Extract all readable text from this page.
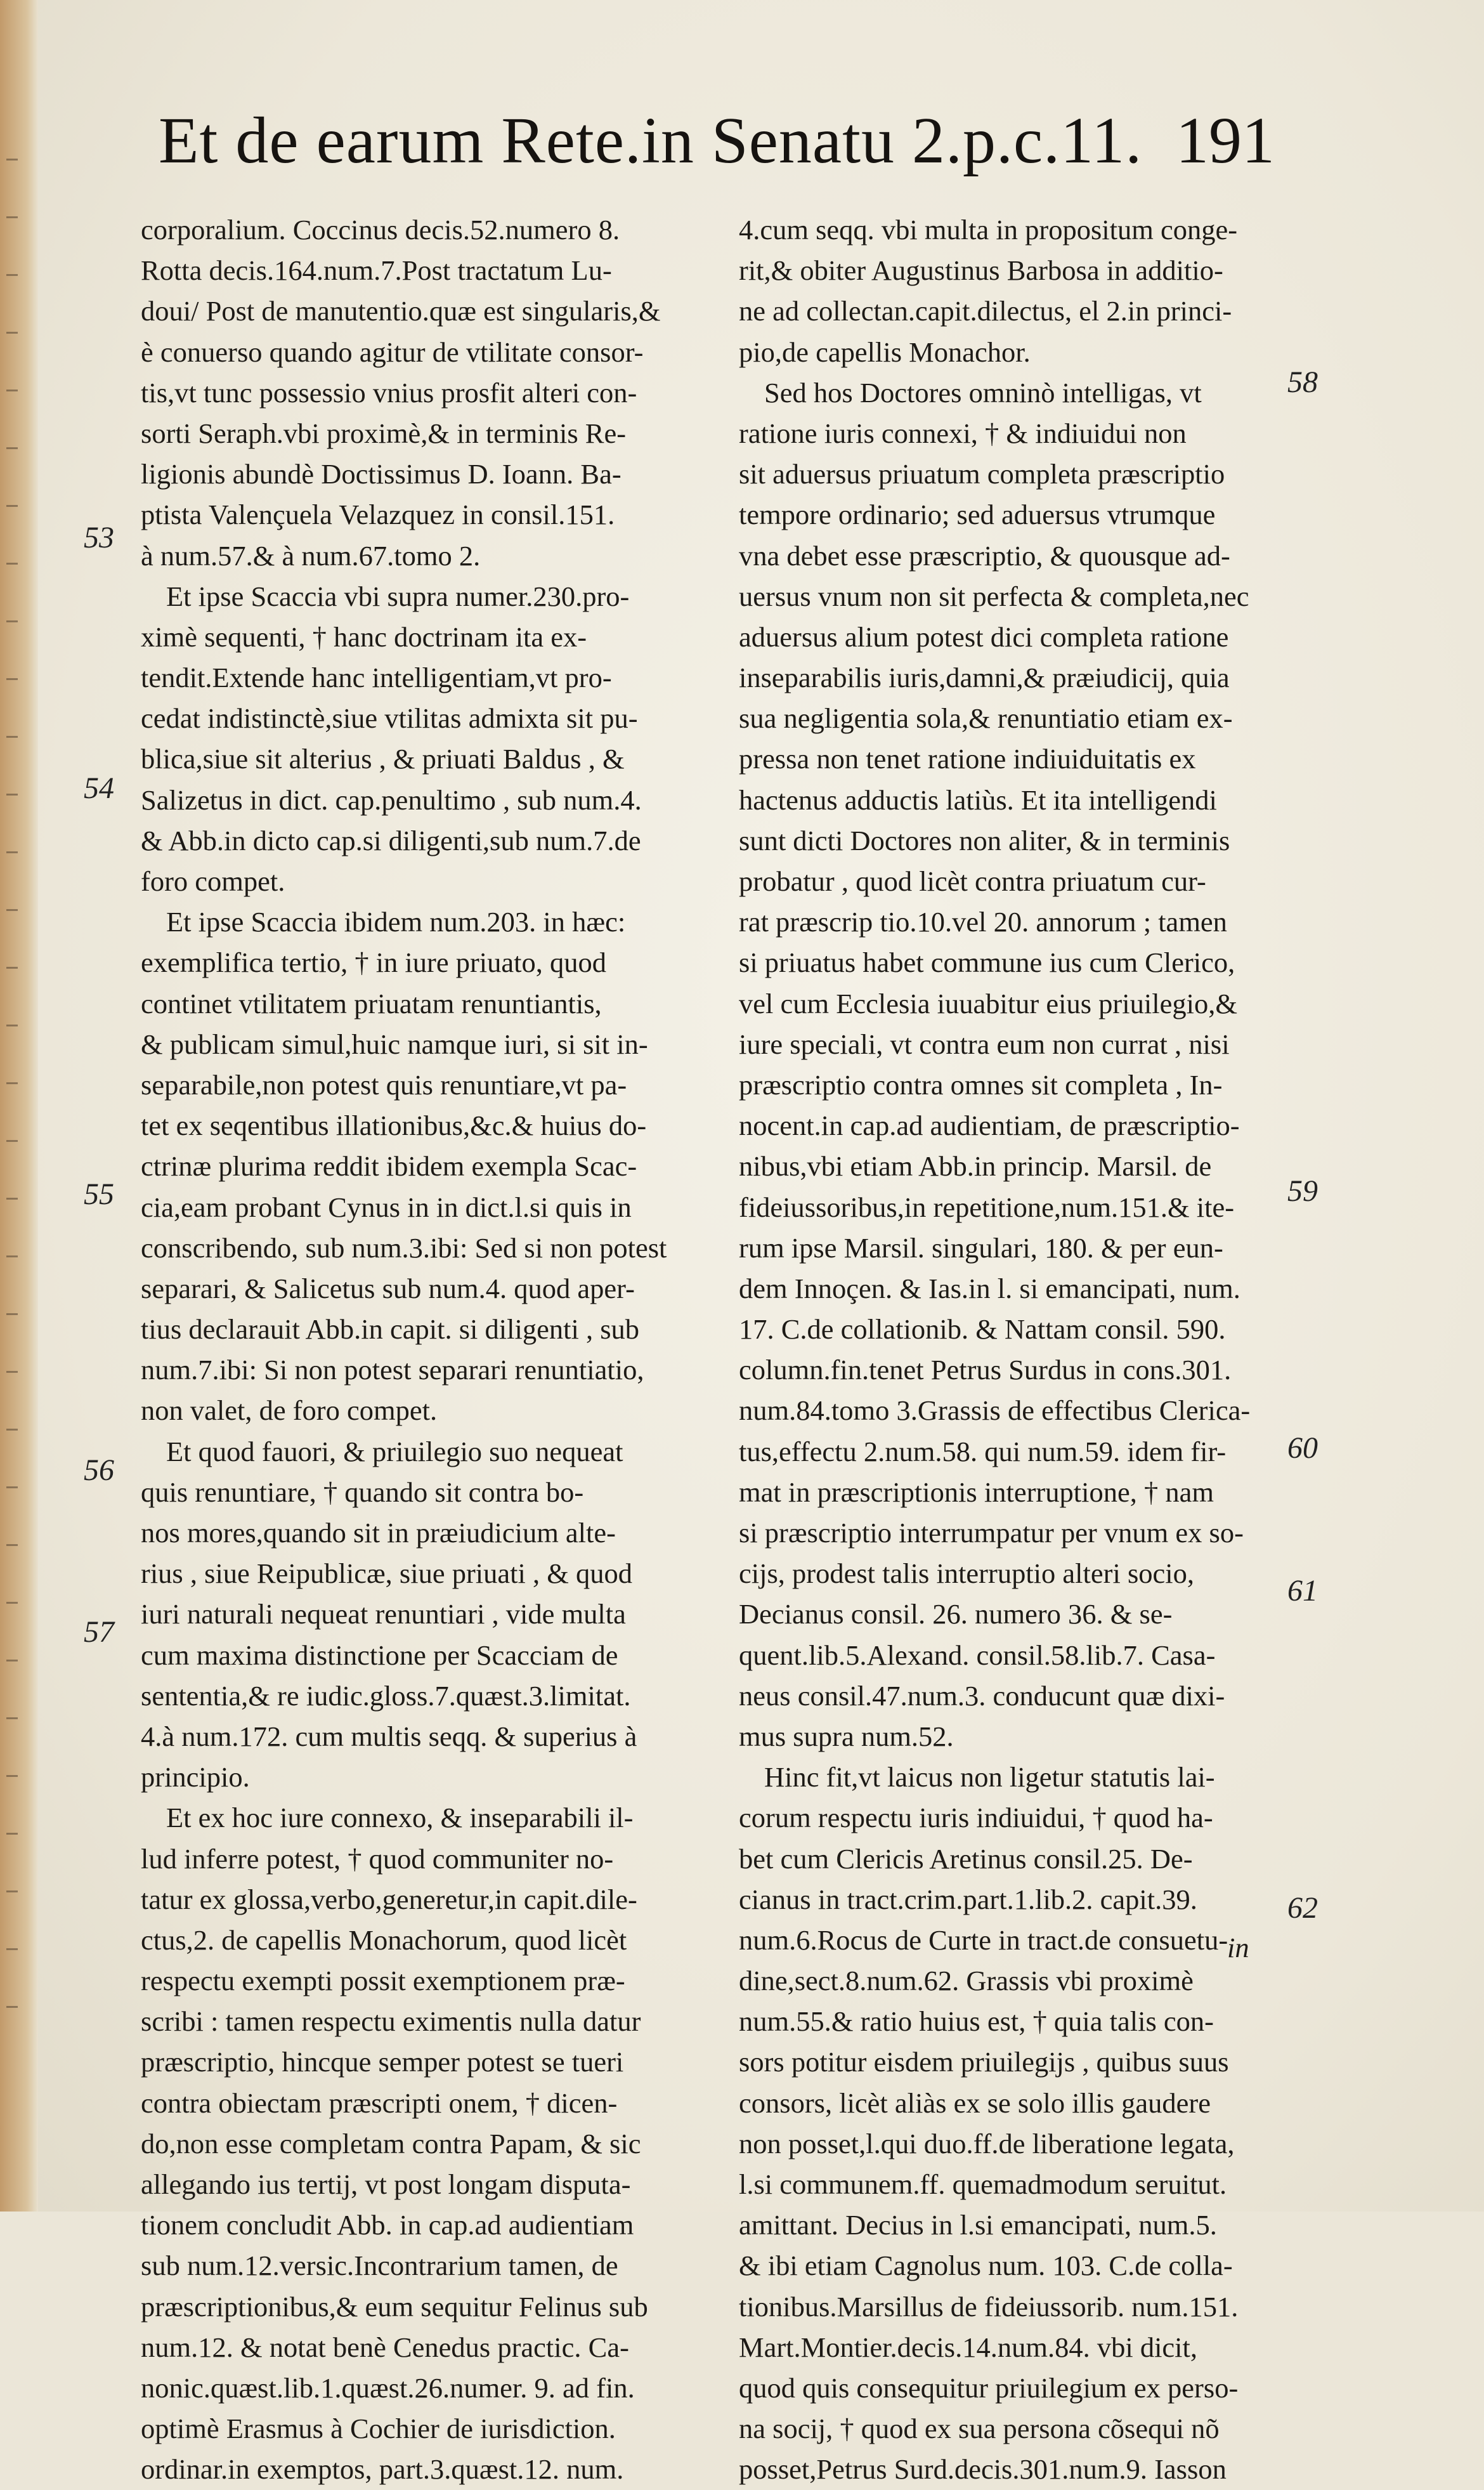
Et de earum Rete.in Senatu 2.p.c.11. 191
corporalium. Coccinus decis.52.numero 8.
Rotta decis.164.num.7.Post tractatum Lu-
doui/ Post de manutentio.quæ est singularis,&
è conuerso quando agitur de vtilitate consor-
tis,vt tunc possessio vnius prosfit alteri con-
sorti Seraph.vbi proximè,& in terminis Re-
ligionis abundè Doctissimus D. Ioann. Ba-
ptista Valençuela Velazquez in consil.151.
à num.57.& à num.67.tomo 2.
Et ipse Scaccia vbi supra numer.230.pro-
ximè sequenti, † hanc doctrinam ita ex-
tendit.Extende hanc intelligentiam,vt pro-
cedat indistinctè,siue vtilitas admixta sit pu-
blica,siue sit alterius , & priuati Baldus , &
Salizetus in dict. cap.penultimo , sub num.4.
& Abb.in dicto cap.si diligenti,sub num.7.de
foro compet.
Et ipse Scaccia ibidem num.203. in hæc:
exemplifica tertio, † in iure priuato, quod
continet vtilitatem priuatam renuntiantis,
& publicam simul,huic namque iuri, si sit in-
separabile,non potest quis renuntiare,vt pa-
tet ex seqentibus illationibus,&c.& huius do-
ctrinæ plurima reddit ibidem exempla Scac-
cia,eam probant Cynus in in dict.l.si quis in
conscribendo, sub num.3.ibi: Sed si non potest
separari, & Salicetus sub num.4. quod aper-
tius declarauit Abb.in capit. si diligenti , sub
num.7.ibi: Si non potest separari renuntiatio,
non valet, de foro compet.
Et quod fauori, & priuilegio suo nequeat
quis renuntiare, † quando sit contra bo-
nos mores,quando sit in præiudicium alte-
rius , siue Reipublicæ, siue priuati , & quod
iuri naturali nequeat renuntiari , vide multa
cum maxima distinctione per Scacciam de
sententia,& re iudic.gloss.7.quæst.3.limitat.
4.à num.172. cum multis seqq. & superius à
principio.
Et ex hoc iure connexo, & inseparabili il-
lud inferre potest, † quod communiter no-
tatur ex glossa,verbo,generetur,in capit.dile-
ctus,2. de capellis Monachorum, quod licèt
respectu exempti possit exemptionem præ-
scribi : tamen respectu eximentis nulla datur
præscriptio, hincque semper potest se tueri
contra obiectam præscripti onem, † dicen-
do,non esse completam contra Papam, & sic
allegando ius tertij, vt post longam disputa-
tionem concludit Abb. in cap.ad audientiam
sub num.12.versic.Incontrarium tamen, de
præscriptionibus,& eum sequitur Felinus sub
num.12. & notat benè Cenedus practic. Ca-
nonic.quæst.lib.1.quæst.26.numer. 9. ad fin.
optimè Erasmus à Cochier de iurisdiction.
ordinar.in exemptos, part.3.quæst.12. num.
4.cum seqq. vbi multa in propositum conge-
rit,& obiter Augustinus Barbosa in additio-
ne ad collectan.capit.dilectus, el 2.in princi-
pio,de capellis Monachor.
Sed hos Doctores omninò intelligas, vt
ratione iuris connexi, † & indiuidui non
sit aduersus priuatum completa præscriptio
tempore ordinario; sed aduersus vtrumque
vna debet esse præscriptio, & quousque ad-
uersus vnum non sit perfecta & completa,nec
aduersus alium potest dici completa ratione
inseparabilis iuris,damni,& præiudicij, quia
sua negligentia sola,& renuntiatio etiam ex-
pressa non tenet ratione indiuiduitatis ex
hactenus adductis latiùs. Et ita intelligendi
sunt dicti Doctores non aliter, & in terminis
probatur , quod licèt contra priuatum cur-
rat præscrip tio.10.vel 20. annorum ; tamen
si priuatus habet commune ius cum Clerico,
vel cum Ecclesia iuuabitur eius priuilegio,&
iure speciali, vt contra eum non currat , nisi
præscriptio contra omnes sit completa , In-
nocent.in cap.ad audientiam, de præscriptio-
nibus,vbi etiam Abb.in princip. Marsil. de
fideiussoribus,in repetitione,num.151.& ite-
rum ipse Marsil. singulari, 180. & per eun-
dem Innoçen. & Ias.in l. si emancipati, num.
17. C.de collationib. & Nattam consil. 590.
column.fin.tenet Petrus Surdus in cons.301.
num.84.tomo 3.Grassis de effectibus Clerica-
tus,effectu 2.num.58. qui num.59. idem fir-
mat in præscriptionis interruptione, † nam
si præscriptio interrumpatur per vnum ex so-
cijs, prodest talis interruptio alteri socio,
Decianus consil. 26. numero 36. & se-
quent.lib.5.Alexand. consil.58.lib.7. Casa-
neus consil.47.num.3. conducunt quæ dixi-
mus supra num.52.
Hinc fit,vt laicus non ligetur statutis lai-
corum respectu iuris indiuidui, † quod ha-
bet cum Clericis Aretinus consil.25. De-
cianus in tract.crim.part.1.lib.2. capit.39.
num.6.Rocus de Curte in tract.de consuetu-
dine,sect.8.num.62. Grassis vbi proximè
num.55.& ratio huius est, † quia talis con-
sors potitur eisdem priuilegijs , quibus suus
consors, licèt aliàs ex se solo illis gaudere
non posset,l.qui duo.ff.de liberatione legata,
l.si communem.ff. quemadmodum seruitut.
amittant. Decius in l.si emancipati, num.5.
& ibi etiam Cagnolus num. 103. C.de colla-
tionibus.Marsillus de fideiussorib. num.151.
Mart.Montier.decis.14.num.84. vbi dicit,
quod quis consequitur priuilegium ex perso-
na socij, † quod ex sua persona cõsequi nõ
posset,Petrus Surd.decis.301.num.9. Iasson
53
54
55
56
57
58
59
60
61
62
in
